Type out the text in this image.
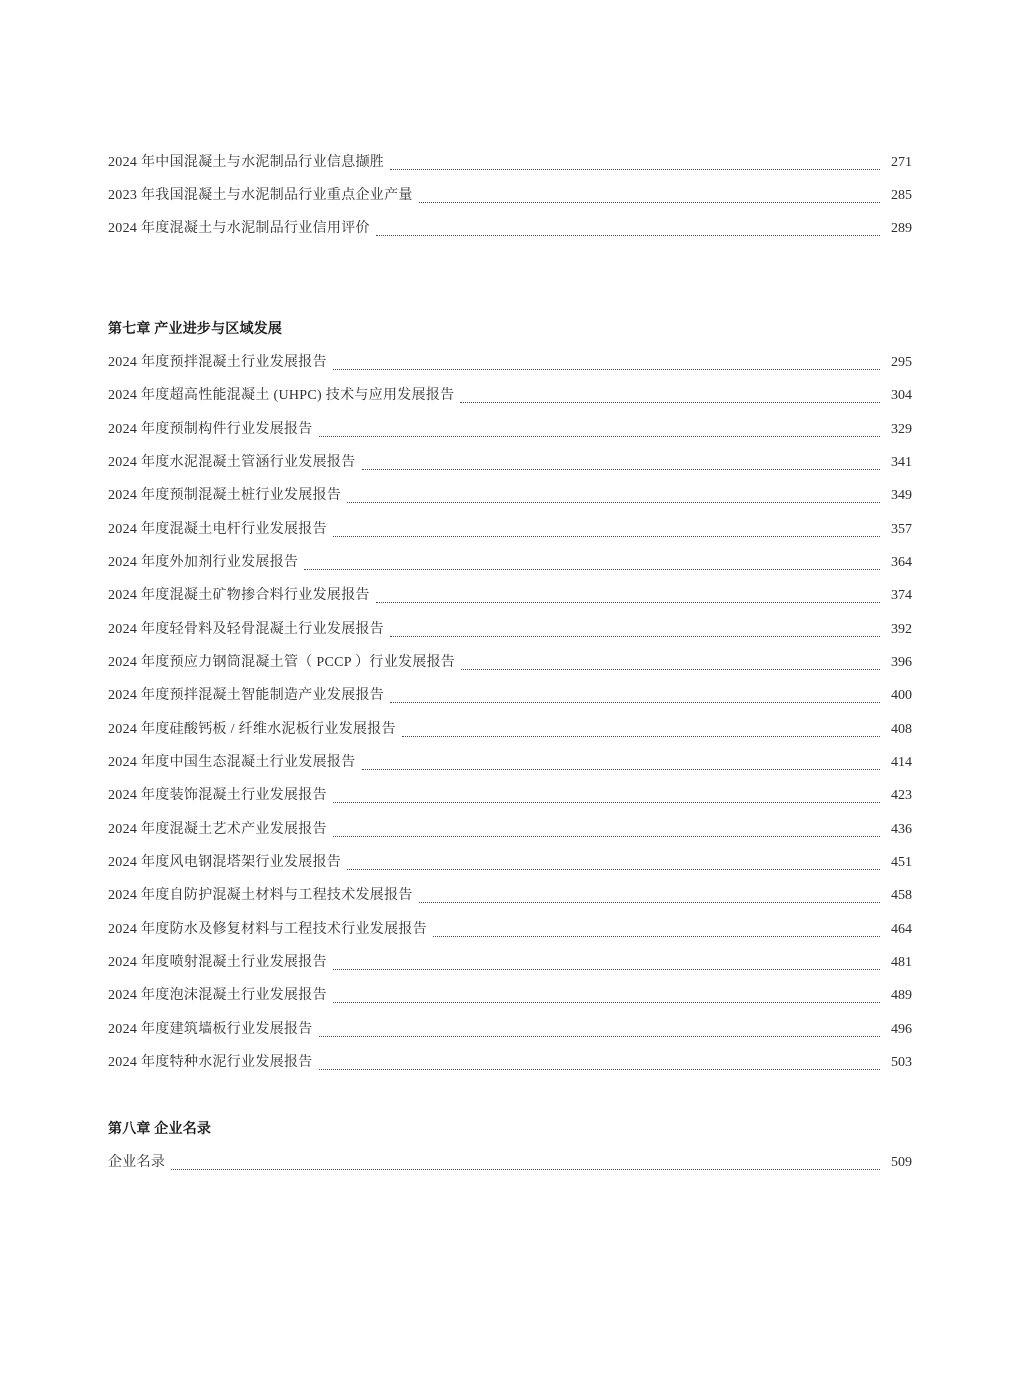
2024 年中国混凝土与水泥制品行业信息撷胜	271
2023 年我国混凝土与水泥制品行业重点企业产量	285
2024 年度混凝土与水泥制品行业信用评价	289
第七章 产业进步与区域发展
2024 年度预拌混凝土行业发展报告	295
2024 年度超高性能混凝土 (UHPC) 技术与应用发展报告	304
2024 年度预制构件行业发展报告	329
2024 年度水泥混凝土管涵行业发展报告	341
2024 年度预制混凝土桩行业发展报告	349
2024 年度混凝土电杆行业发展报告	357
2024 年度外加剂行业发展报告	364
2024 年度混凝土矿物掺合料行业发展报告	374
2024 年度轻骨料及轻骨混凝土行业发展报告	392
2024 年度预应力钢筒混凝土管（ PCCP ）行业发展报告	396
2024 年度预拌混凝土智能制造产业发展报告	400
2024 年度硅酸钙板 / 纤维水泥板行业发展报告	408
2024 年度中国生态混凝土行业发展报告	414
2024 年度装饰混凝土行业发展报告	423
2024 年度混凝土艺术产业发展报告	436
2024 年度风电钢混塔架行业发展报告	451
2024 年度自防护混凝土材料与工程技术发展报告	458
2024 年度防水及修复材料与工程技术行业发展报告	464
2024 年度喷射混凝土行业发展报告	481
2024 年度泡沫混凝土行业发展报告	489
2024 年度建筑墙板行业发展报告	496
2024 年度特种水泥行业发展报告	503
第八章 企业名录
企业名录	509
